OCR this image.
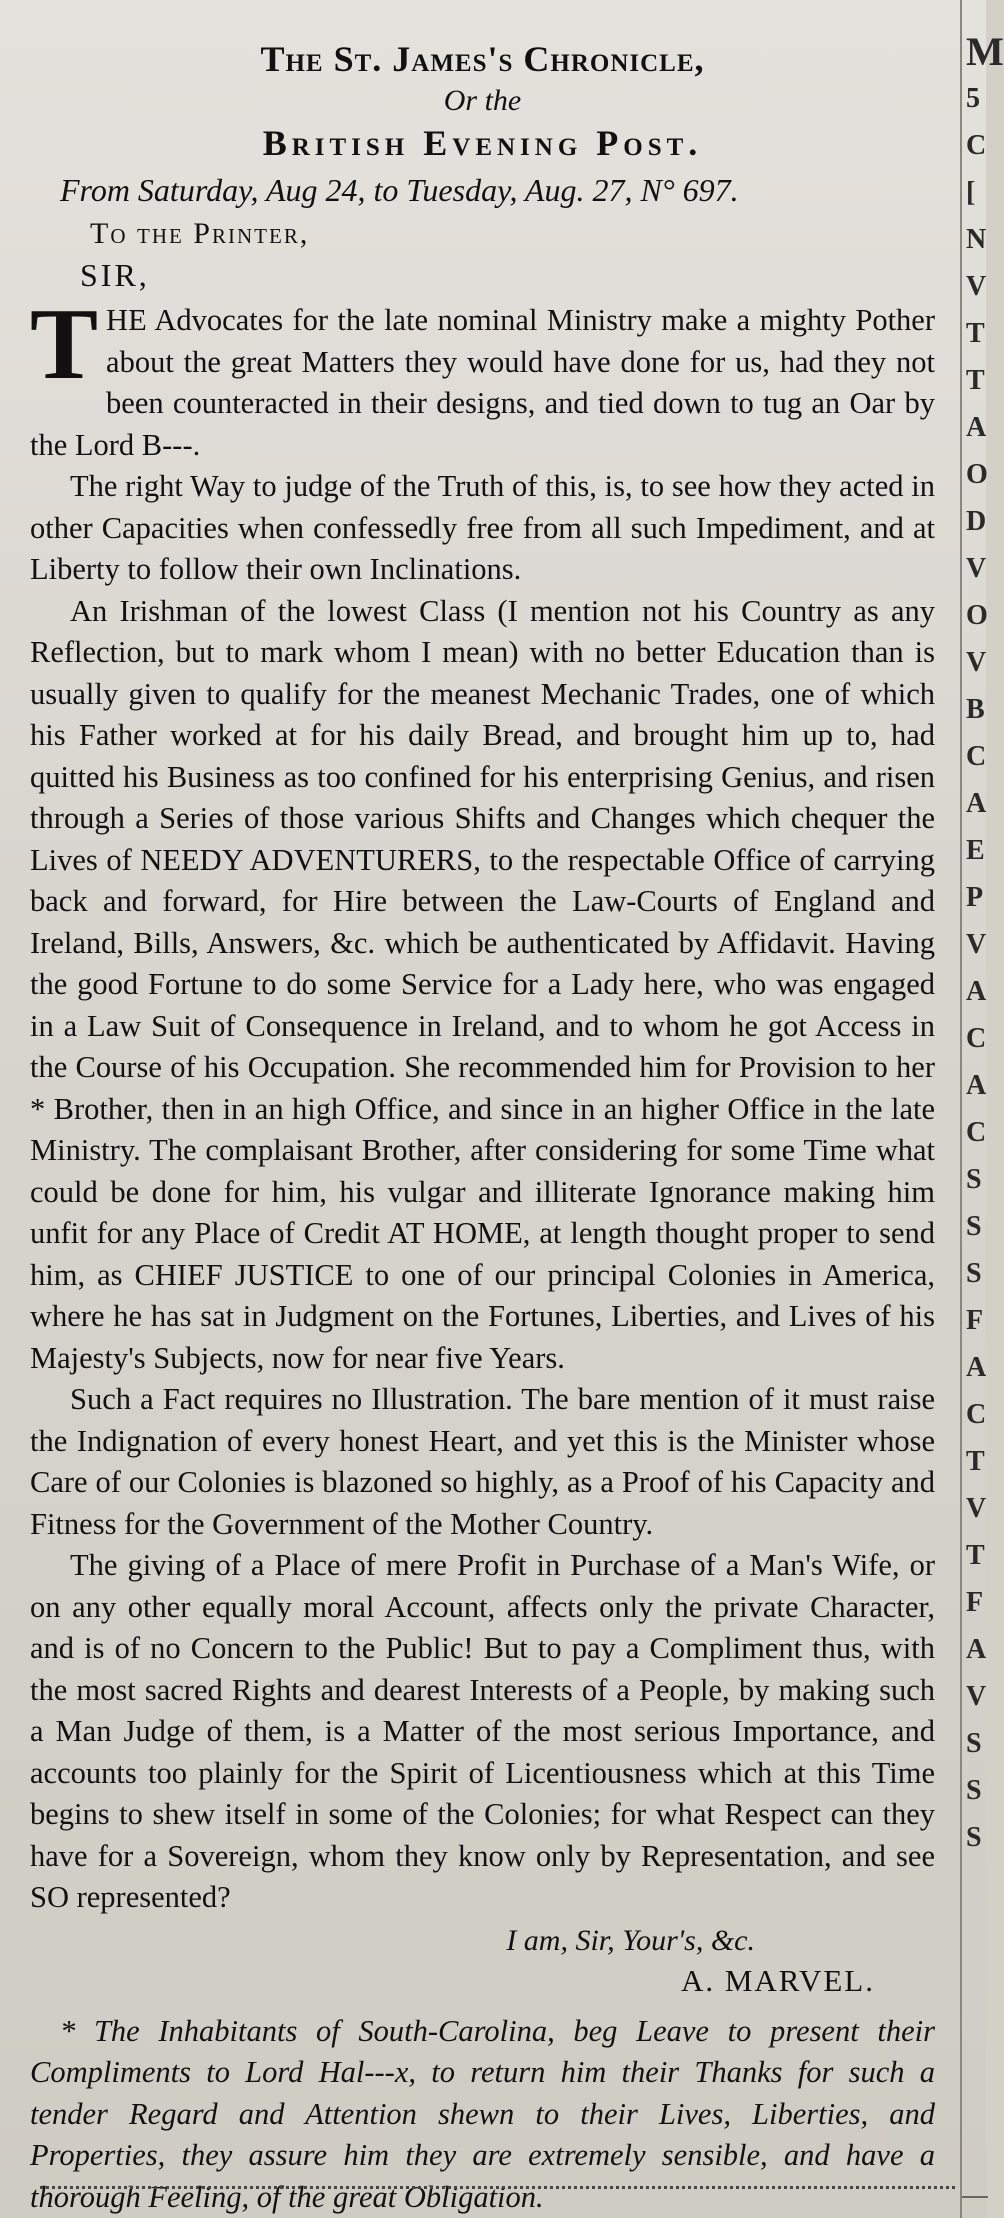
The St. James's Chronicle,
Or the
British Evening Post.
From Saturday, Aug 24, to Tuesday, Aug. 27, N° 697.
To the Printer,
SIR,

THE Advocates for the late nominal Ministry make a mighty Pother about the great Matters they would have done for us, had they not been counteracted in their designs, and tied down to tug an Oar by the Lord B---.

The right Way to judge of the Truth of this, is, to see how they acted in other Capacities when confessedly free from all such Impediment, and at Liberty to follow their own Inclinations.

An Irishman of the lowest Class (I mention not his Country as any Reflection, but to mark whom I mean) with no better Education than is usually given to qualify for the meanest Mechanic Trades, one of which his Father worked at for his daily Bread, and brought him up to, had quitted his Business as too confined for his enterprising Genius, and risen through a Series of those various Shifts and Changes which chequer the Lives of NEEDY ADVENTURERS, to the respectable Office of carrying back and forward, for Hire between the Law-Courts of England and Ireland, Bills, Answers, &c. which be authenticated by Affidavit. Having the good Fortune to do some Service for a Lady here, who was engaged in a Law Suit of Consequence in Ireland, and to whom he got Access in the Course of his Occupation. She recommended him for Provision to her * Brother, then in an high Office, and since in an higher Office in the late Ministry. The complaisant Brother, after considering for some Time what could be done for him, his vulgar and illiterate Ignorance making him unfit for any Place of Credit AT HOME, at length thought proper to send him, as CHIEF JUSTICE to one of our principal Colonies in America, where he has sat in Judgment on the Fortunes, Liberties, and Lives of his Majesty's Subjects, now for near five Years.

Such a Fact requires no Illustration. The bare mention of it must raise the Indignation of every honest Heart, and yet this is the Minister whose Care of our Colonies is blazoned so highly, as a Proof of his Capacity and Fitness for the Government of the Mother Country.

The giving of a Place of mere Profit in Purchase of a Man's Wife, or on any other equally moral Account, affects only the private Character, and is of no Concern to the Public! But to pay a Compliment thus, with the most sacred Rights and dearest Interests of a People, by making such a Man Judge of them, is a Matter of the most serious Importance, and accounts too plainly for the Spirit of Licentiousness which at this Time begins to shew itself in some of the Colonies; for what Respect can they have for a Sovereign, whom they know only by Representation, and see SO represented?

I am, Sir, Your's, &c.
A. MARVEL.

* The Inhabitants of South-Carolina, beg Leave to present their Compliments to Lord Hal---x, to return him their Thanks for such a tender Regard and Attention shewn to their Lives, Liberties, and Properties, they assure him they are extremely sensible, and have a thorough Feeling, of the great Obligation.

M
5
C
[
N
V
T
T
A
O
D
V
O
V
B
C
A
E
P
V
A
C
A
C
S
S
S
F
A
C
T
V
T
F
A
V
S
S
S
